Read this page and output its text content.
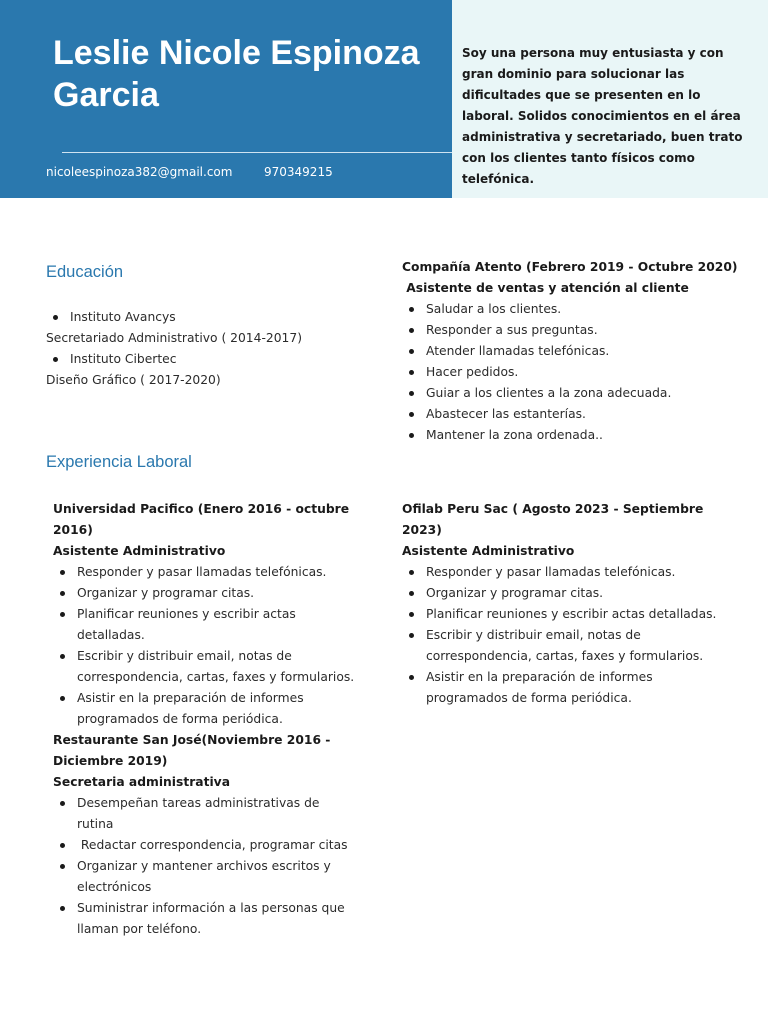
Leslie Nicole Espinoza Garcia
nicoleespinoza382@gmail.com	970349215

Soy una persona muy entusiasta y con gran dominio para solucionar las dificultades que se presenten en lo laboral. Solidos conocimientos en el área administrativa y secretariado, buen trato con los clientes tanto físicos como telefónica.

Educación
Instituto Avancys
Secretariado Administrativo ( 2014-2017)
Instituto Cibertec
Diseño Gráfico ( 2017-2020)
Experiencia Laboral
Compañía Atento (Febrero 2019 - Octubre 2020)
Asistente de ventas y atención al cliente
Saludar a los clientes.
Responder a sus preguntas.
Atender llamadas telefónicas.
Hacer pedidos.
Guiar a los clientes a la zona adecuada.
Abastecer las estanterías.
Mantener la zona ordenada..
Universidad Pacifico (Enero 2016 - octubre 2016)
Asistente Administrativo
Responder y pasar llamadas telefónicas.
Organizar y programar citas.
Planificar reuniones y escribir actas detalladas.
Escribir y distribuir email, notas de correspondencia, cartas, faxes y formularios.
Asistir en la preparación de informes programados de forma periódica.
Ofilab Peru Sac ( Agosto 2023 - Septiembre 2023)
Asistente Administrativo
Responder y pasar llamadas telefónicas.
Organizar y programar citas.
Planificar reuniones y escribir actas detalladas.
Escribir y distribuir email, notas de correspondencia, cartas, faxes y formularios.
Asistir en la preparación de informes programados de forma periódica.
Restaurante San José(Noviembre 2016 - Diciembre 2019)
Secretaria administrativa
Desempeñan tareas administrativas de rutina
Redactar correspondencia, programar citas
Organizar y mantener archivos escritos y electrónicos
Suministrar información a las personas que llaman por teléfono.
